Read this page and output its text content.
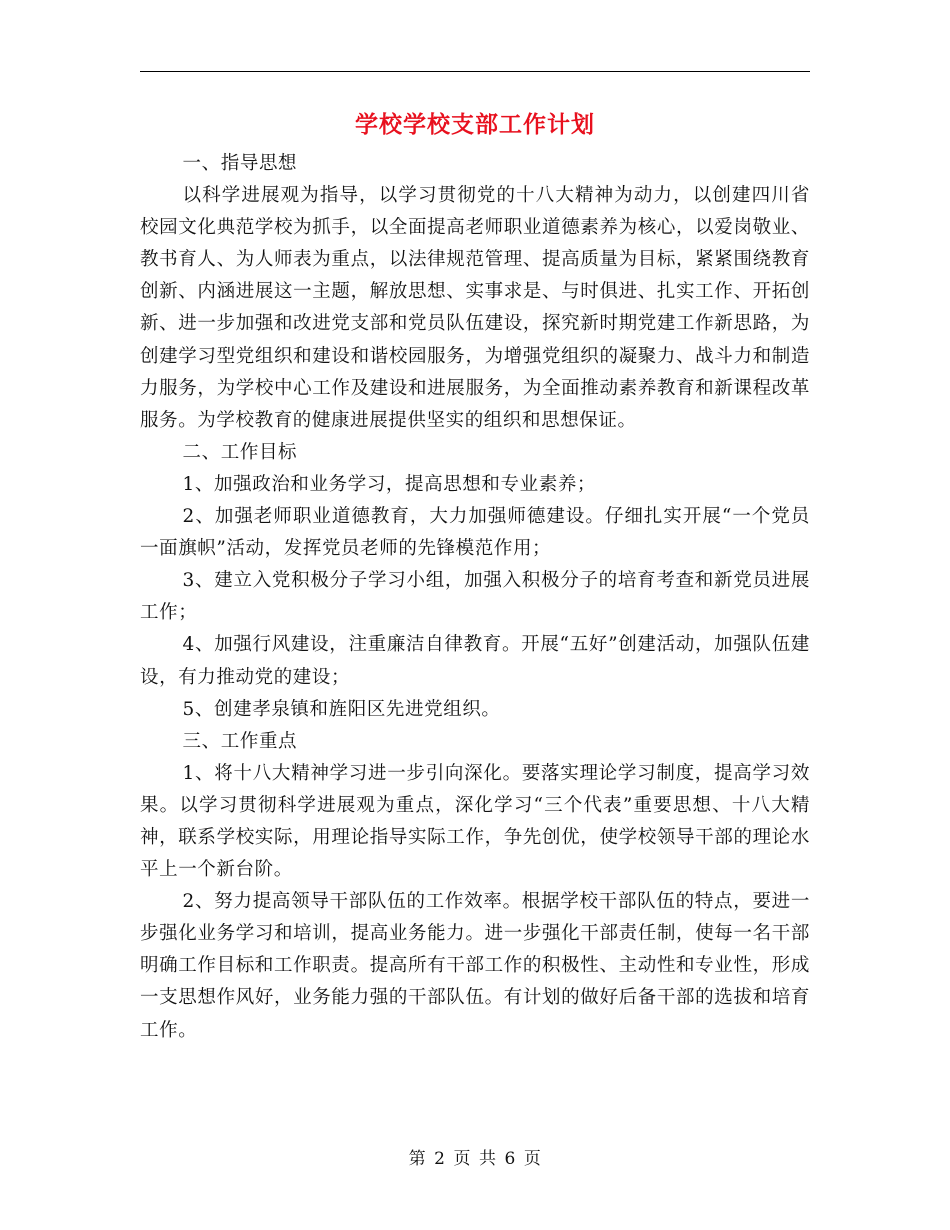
学校学校支部工作计划

一、指导思想

以科学进展观为指导，以学习贯彻党的十八大精神为动力，以创建四川省校园文化典范学校为抓手，以全面提高老师职业道德素养为核心，以爱岗敬业、教书育人、为人师表为重点，以法律规范管理、提高质量为目标，紧紧围绕教育创新、内涵进展这一主题，解放思想、实事求是、与时俱进、扎实工作、开拓创新、进一步加强和改进党支部和党员队伍建设，探究新时期党建工作新思路，为创建学习型党组织和建设和谐校园服务，为增强党组织的凝聚力、战斗力和制造力服务，为学校中心工作及建设和进展服务，为全面推动素养教育和新课程改革服务。为学校教育的健康进展提供坚实的组织和思想保证。

二、工作目标

1、加强政治和业务学习，提高思想和专业素养；

2、加强老师职业道德教育，大力加强师德建设。仔细扎实开展“一个党员一面旗帜”活动，发挥党员老师的先锋模范作用；

3、建立入党积极分子学习小组，加强入积极分子的培育考查和新党员进展工作；

4、加强行风建设，注重廉洁自律教育。开展“五好”创建活动，加强队伍建设，有力推动党的建设；

5、创建孝泉镇和旌阳区先进党组织。

三、工作重点

1、将十八大精神学习进一步引向深化。要落实理论学习制度，提高学习效果。以学习贯彻科学进展观为重点，深化学习“三个代表”重要思想、十八大精神，联系学校实际，用理论指导实际工作，争先创优，使学校领导干部的理论水平上一个新台阶。

2、努力提高领导干部队伍的工作效率。根据学校干部队伍的特点，要进一步强化业务学习和培训，提高业务能力。进一步强化干部责任制，使每一名干部明确工作目标和工作职责。提高所有干部工作的积极性、主动性和专业性，形成一支思想作风好，业务能力强的干部队伍。有计划的做好后备干部的选拔和培育工作。

第 2 页 共 6 页
